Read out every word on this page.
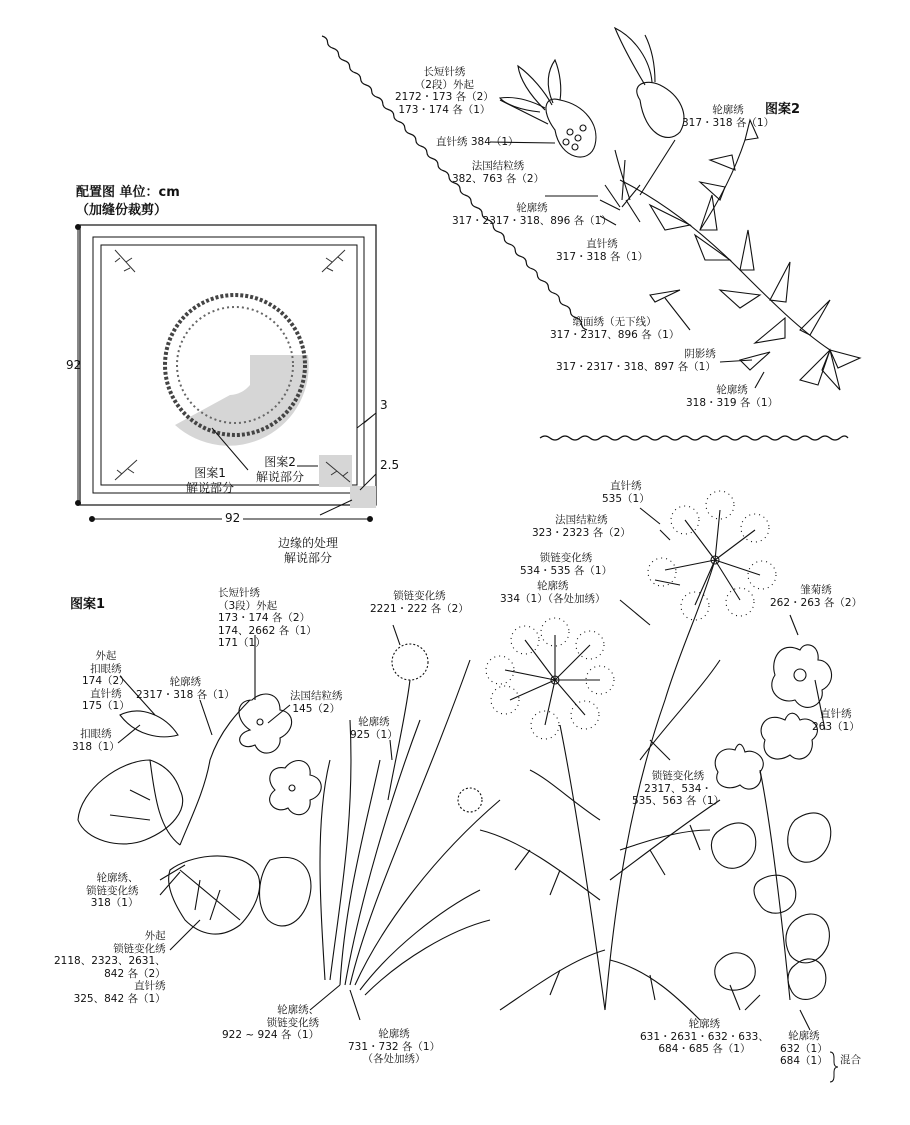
配置图 单位：cm
（加缝份裁剪）
92
92
3
2.5
图案1
解说部分
图案2
解说部分
边缘的处理
解说部分
图案2
长短针绣
（2段）外起
2172・173 各（2）
173・174 各（1）	轮廓绣
317・318 各（1）
直针绣 384（1）
法国结粒绣
382、763 各（2）
轮廓绣
317・2317・318、896 各（1）
直针绣
317・318 各（1）
缎面绣（无下线）
317・2317、896 各（1）
阴影绣
317・2317・318、897 各（1）
轮廓绣
318・319 各（1）
图案1
外起
扣眼绣
174（2）
直针绣
175（1）
扣眼绣
318（1）
轮廓绣
2317・318 各（1）
长短针绣
（3段）外起
173・174 各（2）
174、2662 各（1）
171（1）
法国结粒绣
145（2）
锁链变化绣
2221・222 各（2）
轮廓绣
925（1）
轮廓绣、
锁链变化绣
318（1）
外起
锁链变化绣
2118、2323、2631、
842 各（2）
直针绣
325、842 各（1）
轮廓绣、
锁链变化绣
922 ~ 924 各（1）	轮廓绣
731・732 各（1）
（各处加绣）
直针绣
535（1）
法国结粒绣
323・2323 各（2）
锁链变化绣
534・535 各（1）
轮廓绣
334（1）（各处加绣）
雏菊绣
262・263 各（2）
直针绣
263（1）
锁链变化绣
2317、534・
535、563 各（1）
轮廓绣
631・2631・632・633、
684・685 各（1）
轮廓绣
632（1）
684（1） 混合
